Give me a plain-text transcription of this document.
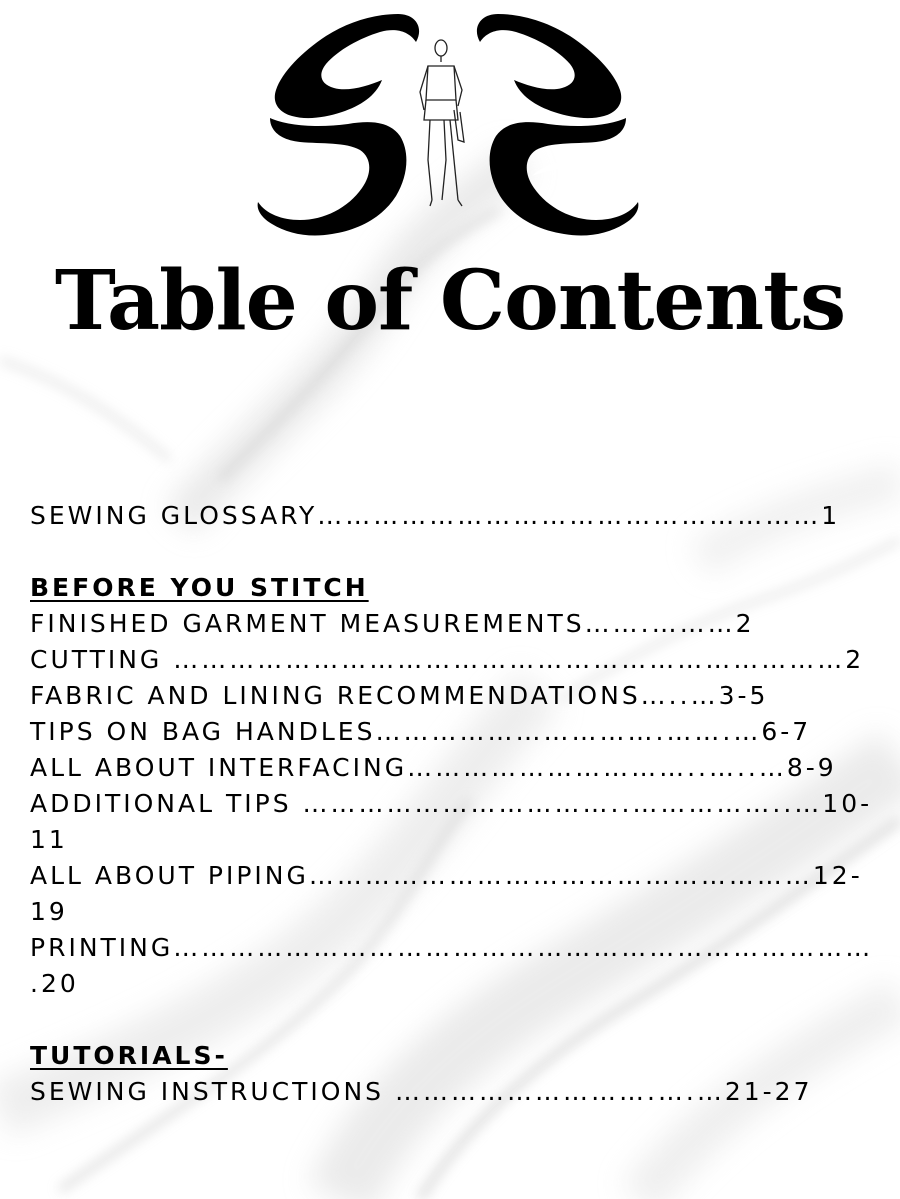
Table of Contents
SEWING GLOSSARY………………………………………………1
BEFORE YOU STITCH
FINISHED GARMENT MEASUREMENTS…….………2
CUTTING ………………………………………………………………2
FABRIC AND LINING RECOMMENDATIONS…..…3-5
TIPS ON BAG HANDLES………………………….…….…6-7
ALL ABOUT INTERFACING…………………………..…..…8-9
ADDITIONAL TIPS ……………………………..……………..…10-11
ALL ABOUT PIPING………………………………………………12-19
PRINTING………………………………………………………………….20
TUTORIALS-
SEWING INSTRUCTIONS ……………………….….…21-27
